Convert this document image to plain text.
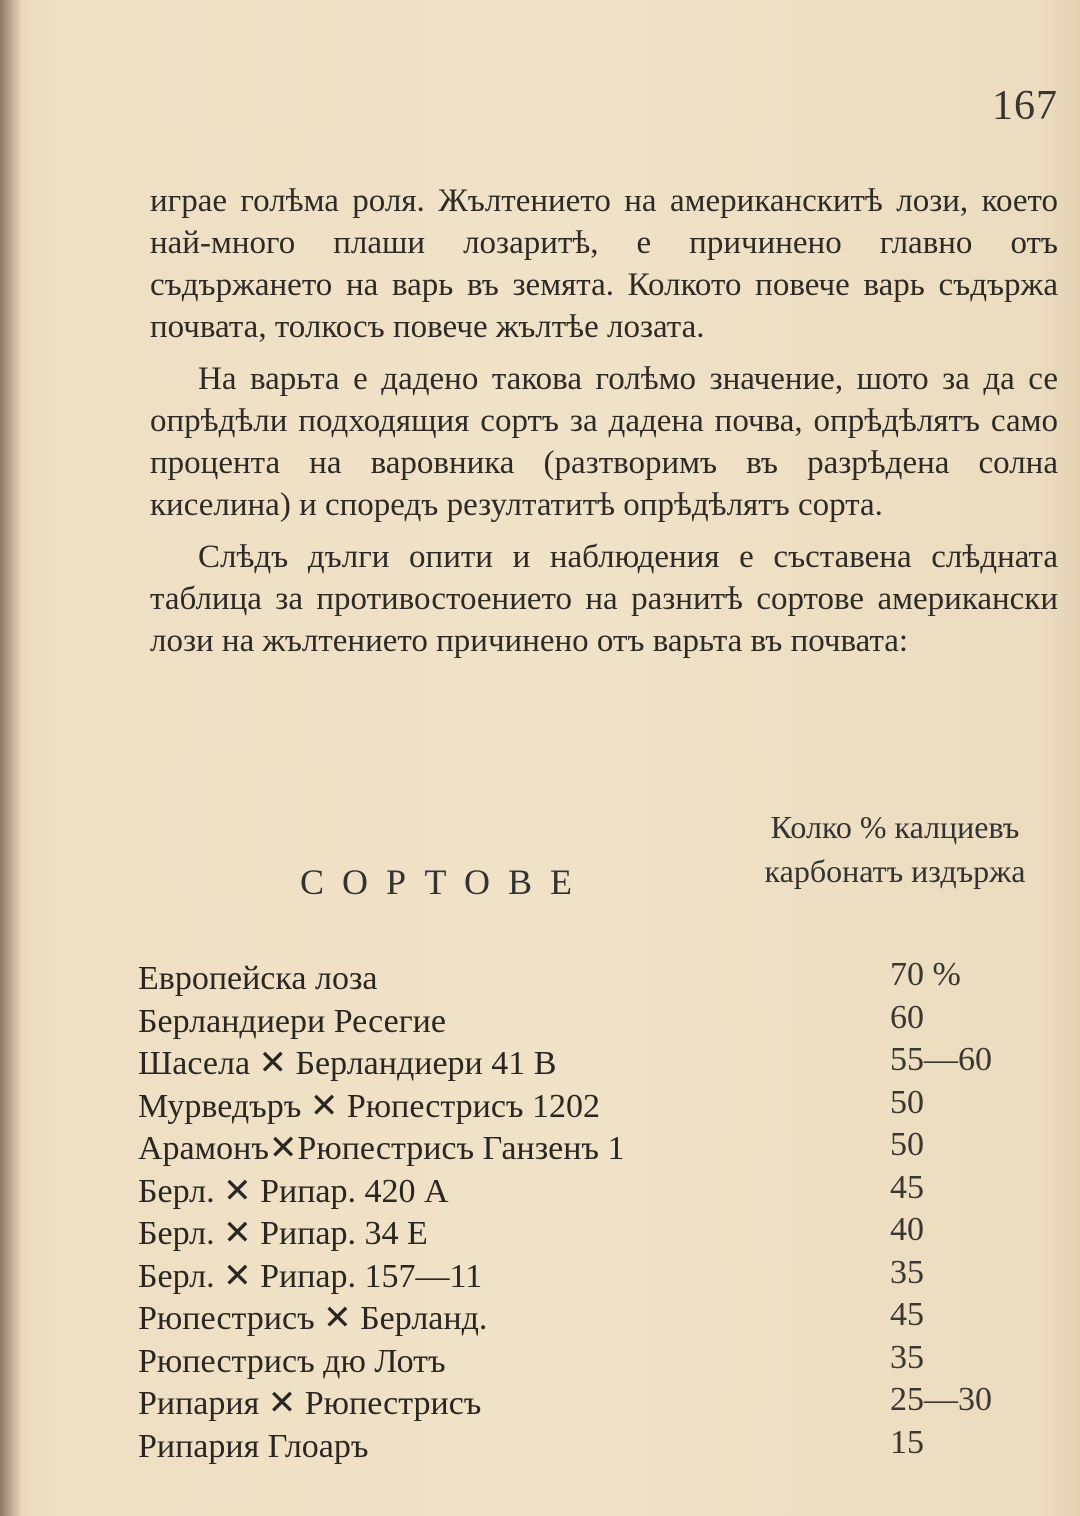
167

играе голѣма роля. Жълтението на американскитѣ лози, което най-много плаши лозаритѣ, е причинено главно отъ съдържането на варь въ земята. Колкото повече варь съдържа почвата, толкосъ повече жълтѣе лозата.

На варьта е дадено такова голѣмо значение, шото за да се опрѣдѣли подходящия сортъ за дадена почва, опрѣдѣлятъ само процента на варовника (разтворимъ въ разрѣдена солна киселина) и споредъ резултатитѣ опрѣдѣлятъ сорта.

Слѣдъ дълги опити и наблюдения е съставена слѣдната таблица за противостоението на разнитѣ сортове американски лози на жълтението причинено отъ варьта въ почвата:

СОРТОВЕ
Колко % калциевъ карбонатъ издържа
Европейска лоза	70 %
Берландиери Ресегие	60
Шасела ✕ Берландиери 41 B	55—60
Мурведъръ ✕ Рюпестрисъ 1202	50
Арамонъ✕Рюпестрисъ Ганзенъ 1	50
Берл. ✕ Рипар. 420 A	45
Берл. ✕ Рипар. 34 E	40
Берл. ✕ Рипар. 157—11	35
Рюпестрисъ ✕ Берланд.	45
Рюпестрисъ дю Лотъ	35
Рипария ✕ Рюпестрисъ	25—30
Рипария Глоаръ	15
